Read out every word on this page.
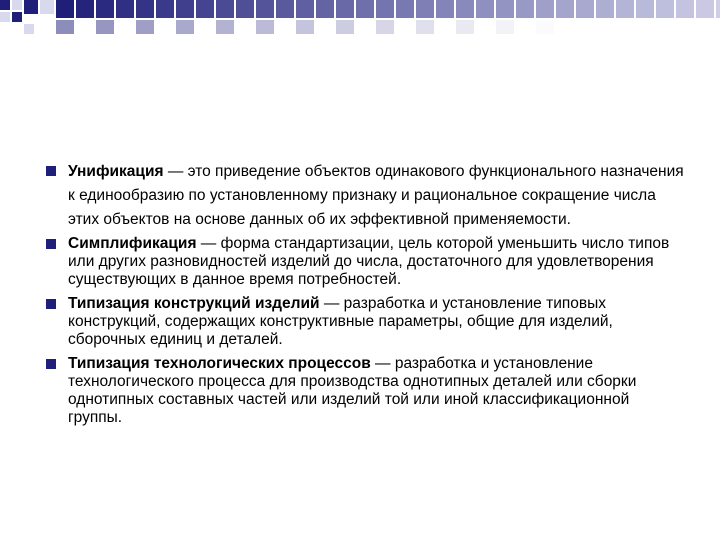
Унификация — это приведение объектов одинакового функционального назначения к единообразию по установленному признаку и рациональное сокращение числа этих объектов на основе данных об их эффективной применяемости.
Симплификация — форма стандартизации, цель которой уменьшить число типов или других разновидностей изделий до числа, достаточного для удовлетворения существующих в данное время потребностей.
Типизация конструкций изделий — разработка и установление типовых конструкций, содержащих конструктивные параметры, общие для изделий, сборочных единиц и деталей.
Типизация технологических процессов — разработка и установление технологического процесса для производства однотипных деталей или сборки однотипных составных частей или изделий той или иной классификационной группы.
